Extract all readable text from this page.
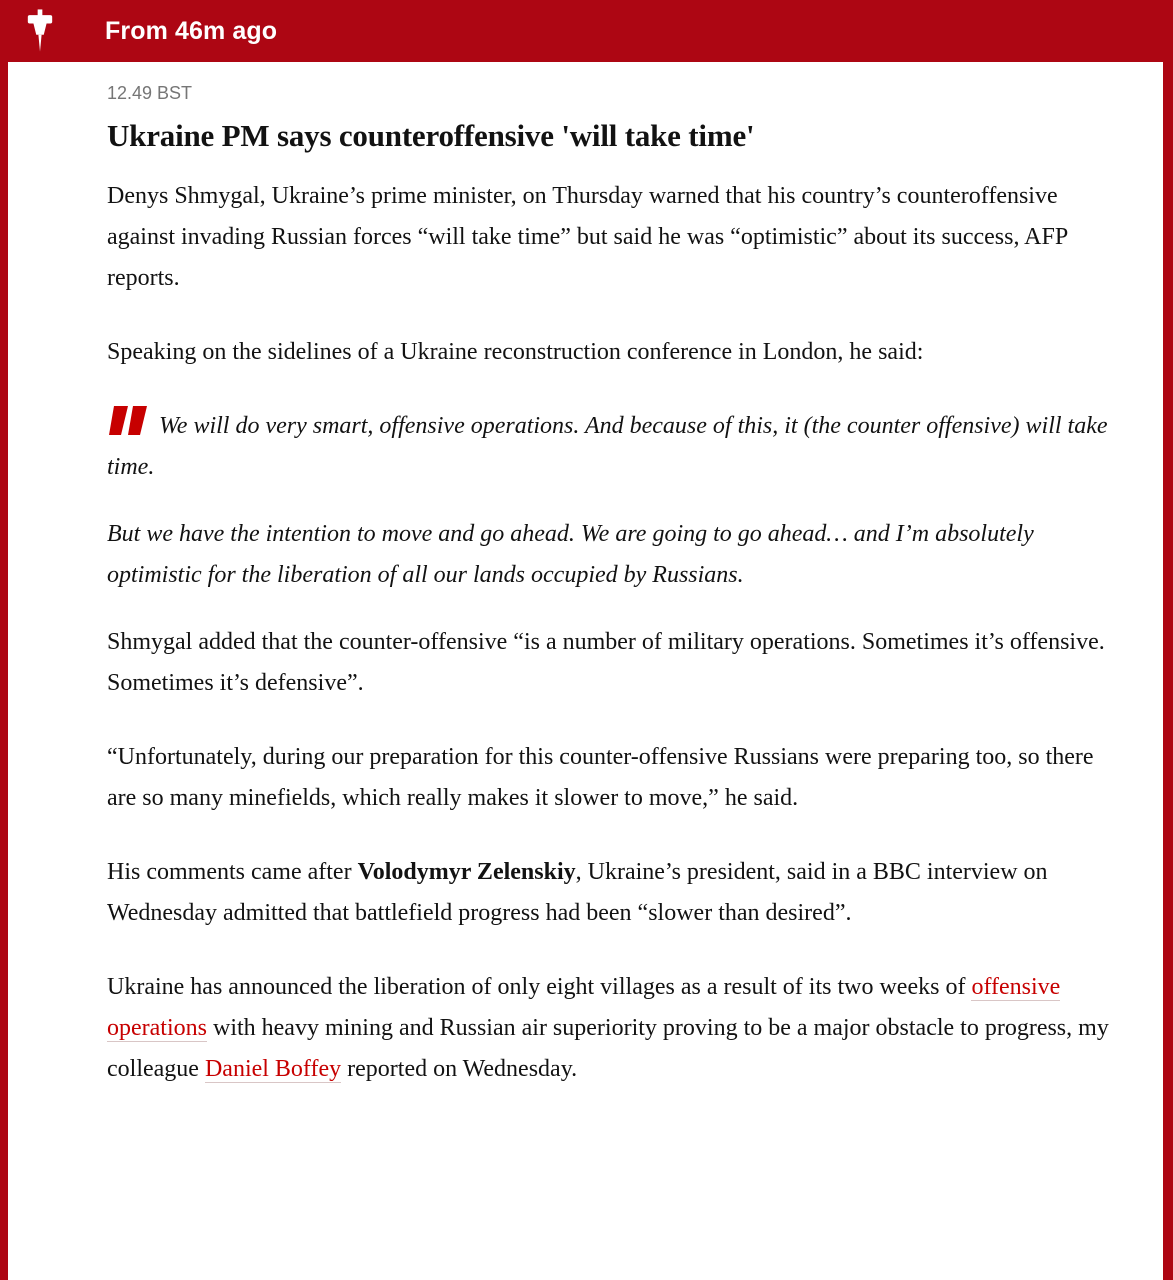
From 46m ago

12.49 BST

Ukraine PM says counteroffensive 'will take time'

Denys Shmygal, Ukraine’s prime minister, on Thursday warned that his country’s counteroffensive against invading Russian forces “will take time” but said he was “optimistic” about its success, AFP reports.

Speaking on the sidelines of a Ukraine reconstruction conference in London, he said:

We will do very smart, offensive operations. And because of this, it (the counter offensive) will take time.

But we have the intention to move and go ahead. We are going to go ahead… and I’m absolutely optimistic for the liberation of all our lands occupied by Russians.

Shmygal added that the counter-offensive “is a number of military operations. Sometimes it’s offensive. Sometimes it’s defensive”.

“Unfortunately, during our preparation for this counter-offensive Russians were preparing too, so there are so many minefields, which really makes it slower to move,” he said.

His comments came after Volodymyr Zelenskiy, Ukraine’s president, said in a BBC interview on Wednesday admitted that battlefield progress had been “slower than desired”.

Ukraine has announced the liberation of only eight villages as a result of its two weeks of offensive operations with heavy mining and Russian air superiority proving to be a major obstacle to progress, my colleague Daniel Boffey reported on Wednesday.
